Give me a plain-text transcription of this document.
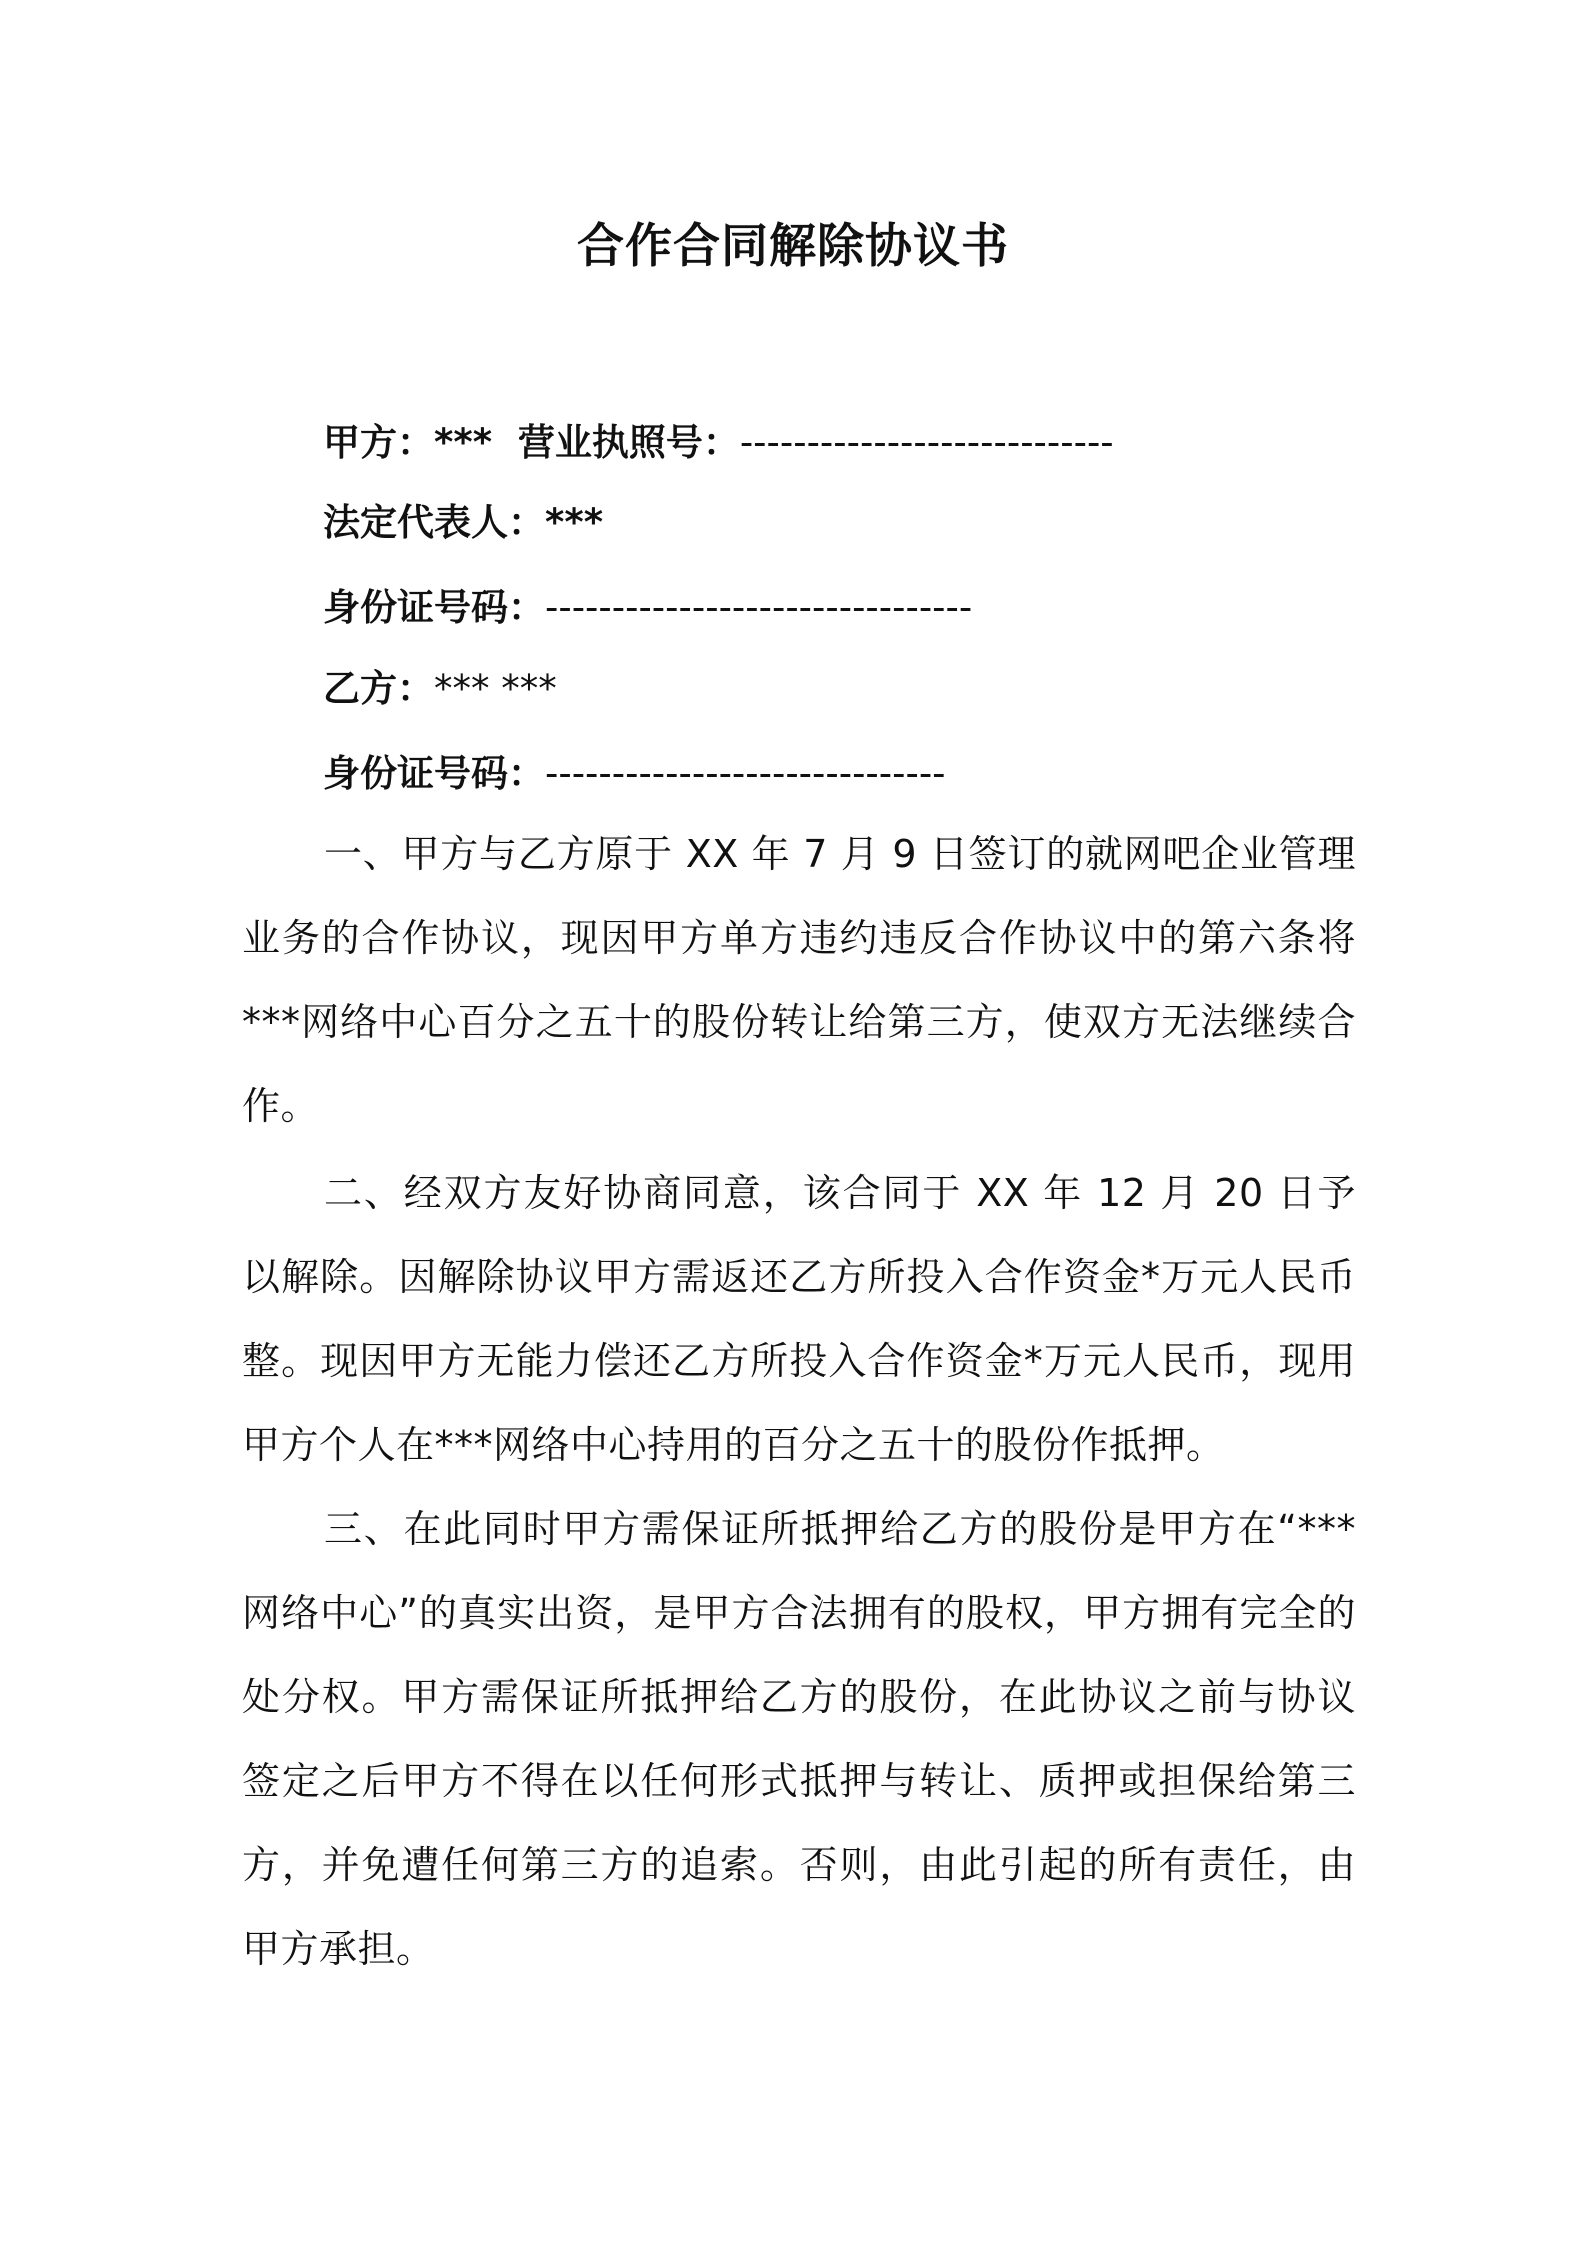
合作合同解除协议书
甲方：*** 营业执照号：----------------------------
法定代表人：***
身份证号码：--------------------------------
乙方：*** ***
身份证号码：------------------------------
一、甲方与乙方原于 XX 年 7 月 9 日签订的就网吧企业管理业务的合作协议，现因甲方单方违约违反合作协议中的第六条将***网络中心百分之五十的股份转让给第三方，使双方无法继续合作。
二、经双方友好协商同意，该合同于 XX 年 12 月 20 日予以解除。因解除协议甲方需返还乙方所投入合作资金*万元人民币整。现因甲方无能力偿还乙方所投入合作资金*万元人民币，现用甲方个人在***网络中心持用的百分之五十的股份作抵押。
三、在此同时甲方需保证所抵押给乙方的股份是甲方在“***网络中心”的真实出资，是甲方合法拥有的股权，甲方拥有完全的处分权。甲方需保证所抵押给乙方的股份，在此协议之前与协议签定之后甲方不得在以任何形式抵押与转让、质押或担保给第三方，并免遭任何第三方的追索。否则，由此引起的所有责任，由甲方承担。
